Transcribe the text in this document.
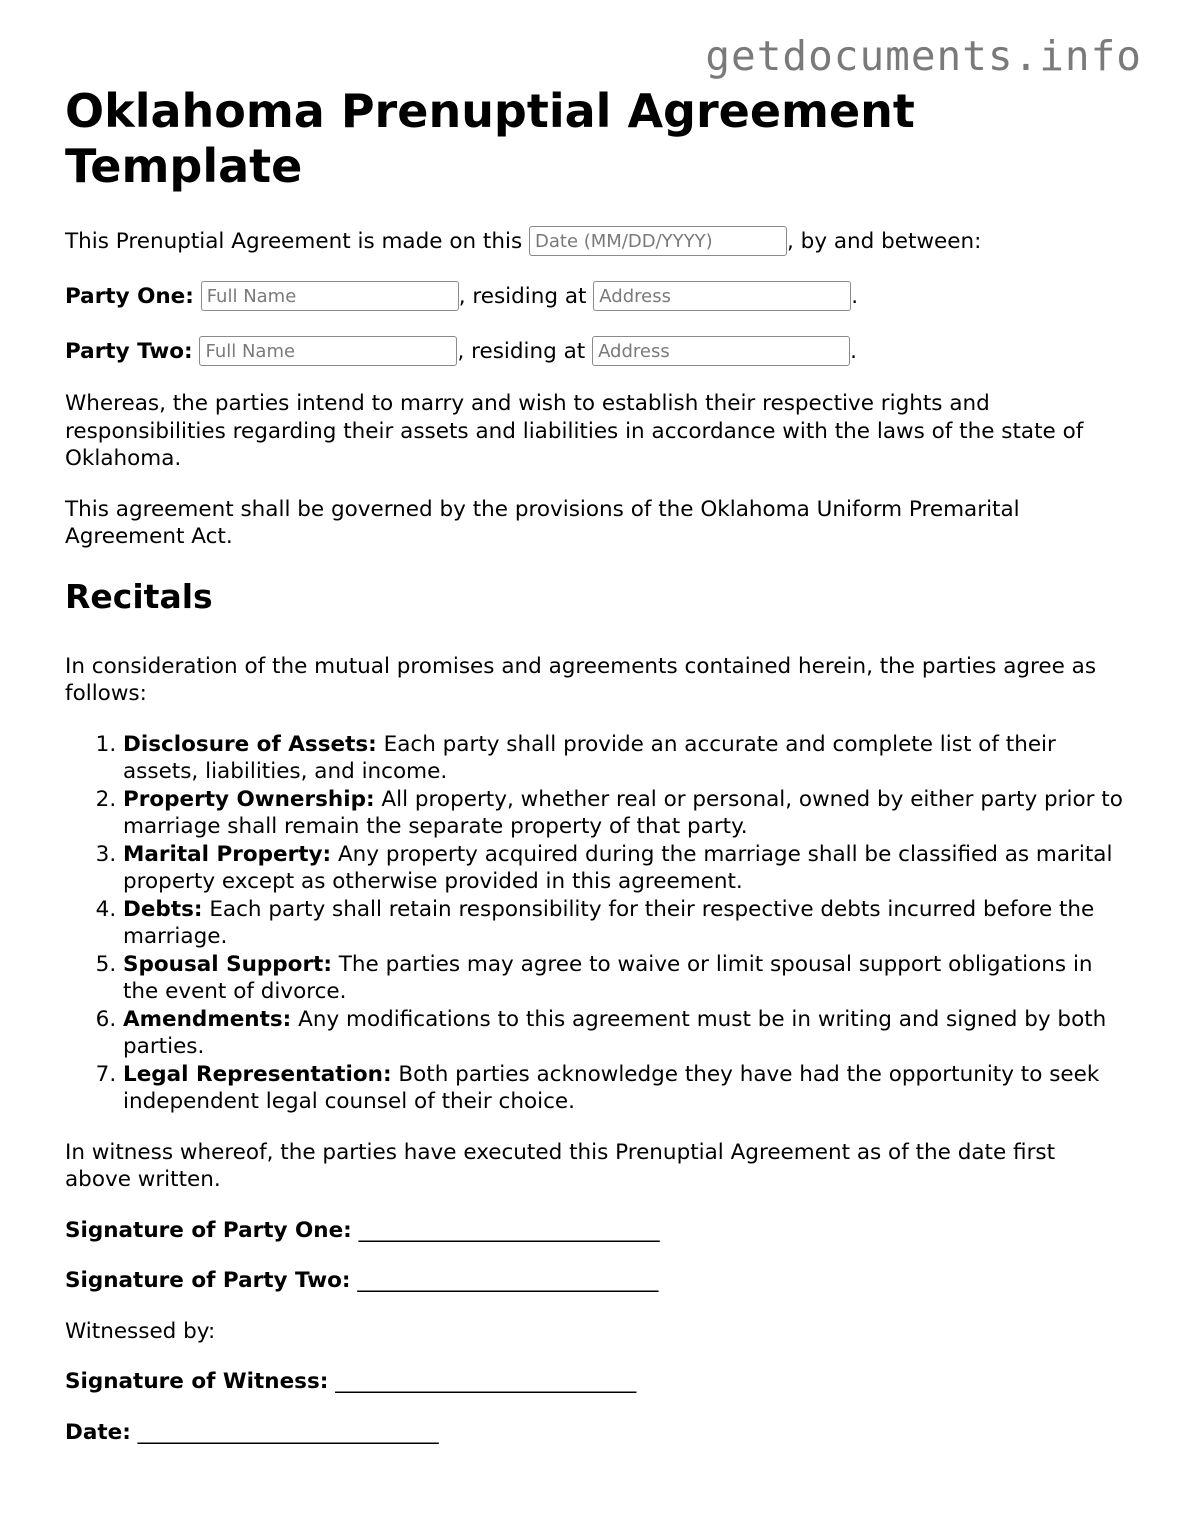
getdocuments.info
Oklahoma Prenuptial Agreement Template

This Prenuptial Agreement is made on this Date (MM/DD/YYYY)	, by and between:

Party One: Full Name	, residing at Address	.

Party Two: Full Name	, residing at Address	.

Whereas, the parties intend to marry and wish to establish their respective rights and responsibilities regarding their assets and liabilities in accordance with the laws of the state of Oklahoma.

This agreement shall be governed by the provisions of the Oklahoma Uniform Premarital Agreement Act.

Recitals

In consideration of the mutual promises and agreements contained herein, the parties agree as follows:

1. Disclosure of Assets: Each party shall provide an accurate and complete list of their assets, liabilities, and income.
2. Property Ownership: All property, whether real or personal, owned by either party prior to marriage shall remain the separate property of that party.
3. Marital Property: Any property acquired during the marriage shall be classified as marital property except as otherwise provided in this agreement.
4. Debts: Each party shall retain responsibility for their respective debts incurred before the marriage.
5. Spousal Support: The parties may agree to waive or limit spousal support obligations in the event of divorce.
6. Amendments: Any modifications to this agreement must be in writing and signed by both parties.
7. Legal Representation: Both parties acknowledge they have had the opportunity to seek independent legal counsel of their choice.

In witness whereof, the parties have executed this Prenuptial Agreement as of the date first above written.

Signature of Party One: ____________________________

Signature of Party Two: ____________________________

Witnessed by:

Signature of Witness: ____________________________

Date: ____________________________
